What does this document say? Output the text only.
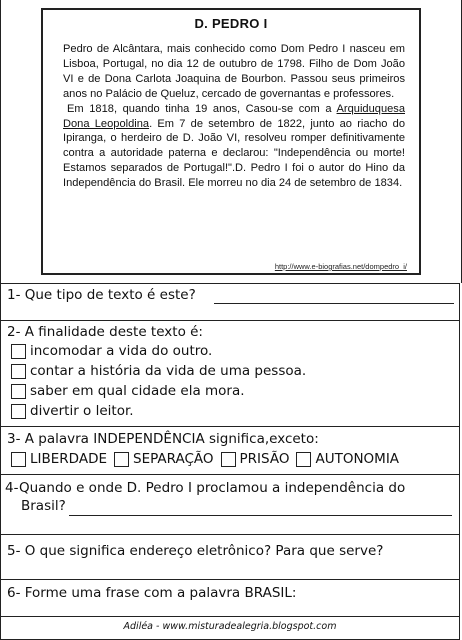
D. PEDRO I

Pedro de Alcântara, mais conhecido como Dom Pedro I nasceu em Lisboa, Portugal, no dia 12 de outubro de 1798. Filho de Dom João VI e de Dona Carlota Joaquina de Bourbon. Passou seus primeiros anos no Palácio de Queluz, cercado de governantas e professores.

Em 1818, quando tinha 19 anos, Casou-se com a Arquiduquesa Dona Leopoldina. Em 7 de setembro de 1822, junto ao riacho do Ipiranga, o herdeiro de D. João VI, resolveu romper definitivamente contra a autoridade paterna e declarou: "Independência ou morte! Estamos separados de Portugal!".D. Pedro I foi o autor do Hino da Independência do Brasil. Ele morreu no dia 24 de setembro de 1834.

http://www.e-biografias.net/dompedro_i/
1- Que tipo de texto é este?
2- A finalidade deste texto é:
incomodar a vida do outro.
contar a história da vida de uma pessoa.
saber em qual cidade ela mora.
divertir o leitor.
3- A palavra INDEPENDÊNCIA significa,exceto:
LIBERDADE SEPARAÇÃO PRISÃO AUTONOMIA
4-Quando e onde D. Pedro I proclamou a independência do
Brasil?
5- O que significa endereço eletrônico? Para que serve?
6- Forme uma frase com a palavra BRASIL:
Adiléa - www.misturadealegria.blogspot.com
